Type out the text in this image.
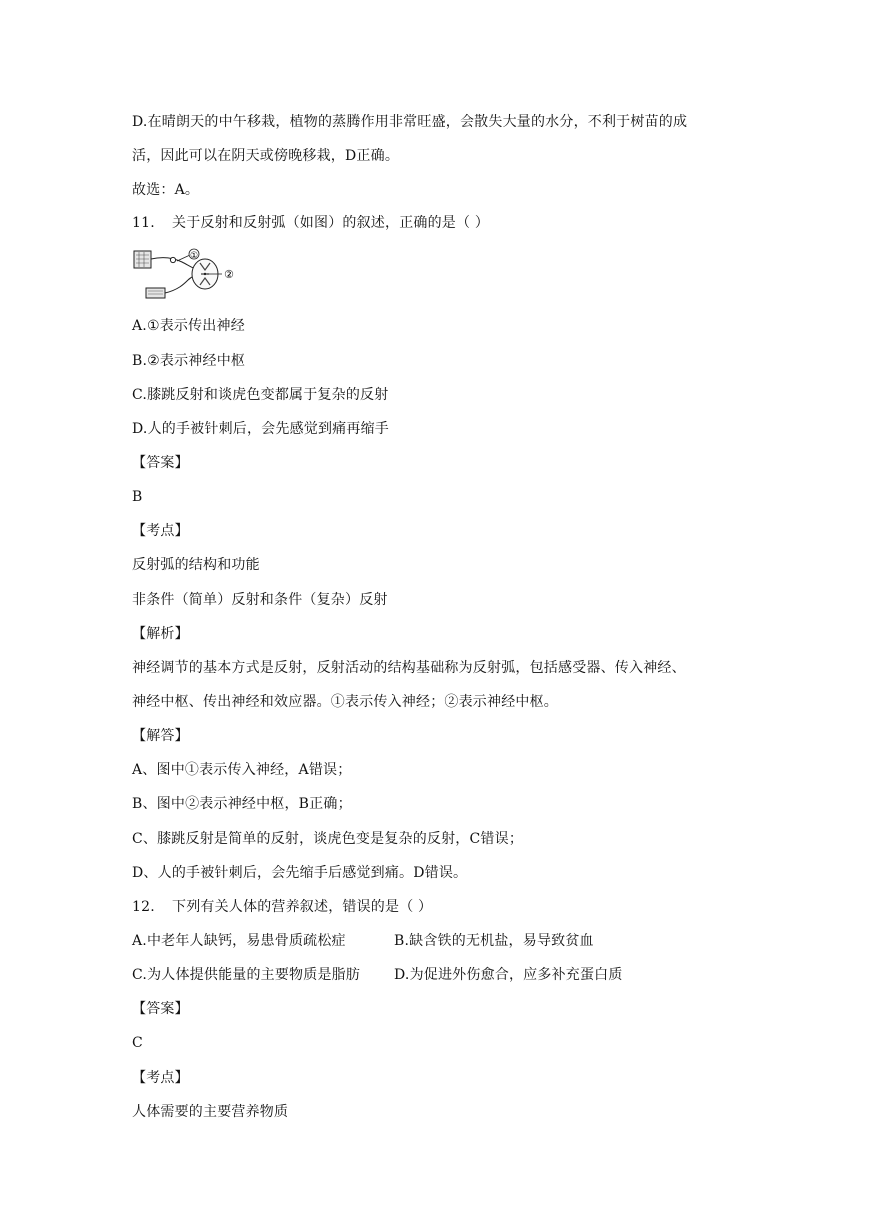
D.在晴朗天的中午移栽，植物的蒸腾作用非常旺盛，会散失大量的水分，不利于树苗的成
活，因此可以在阴天或傍晚移栽，D正确。
故选：A。
11. 关于反射和反射弧（如图）的叙述，正确的是（ ）
①
②
A.①表示传出神经
B.②表示神经中枢
C.膝跳反射和谈虎色变都属于复杂的反射
D.人的手被针刺后，会先感觉到痛再缩手
【答案】
B
【考点】
反射弧的结构和功能
非条件（简单）反射和条件（复杂）反射
【解析】
神经调节的基本方式是反射，反射活动的结构基础称为反射弧，包括感受器、传入神经、
神经中枢、传出神经和效应器。①表示传入神经；②表示神经中枢。
【解答】
A、图中①表示传入神经，A错误；
B、图中②表示神经中枢，B正确；
C、膝跳反射是简单的反射，谈虎色变是复杂的反射，C错误；
D、人的手被针刺后，会先缩手后感觉到痛。D错误。
12. 下列有关人体的营养叙述，错误的是（ ）
A.中老年人缺钙，易患骨质疏松症	B.缺含铁的无机盐，易导致贫血
C.为人体提供能量的主要物质是脂肪 D.为促进外伤愈合，应多补充蛋白质
【答案】
C
【考点】
人体需要的主要营养物质
